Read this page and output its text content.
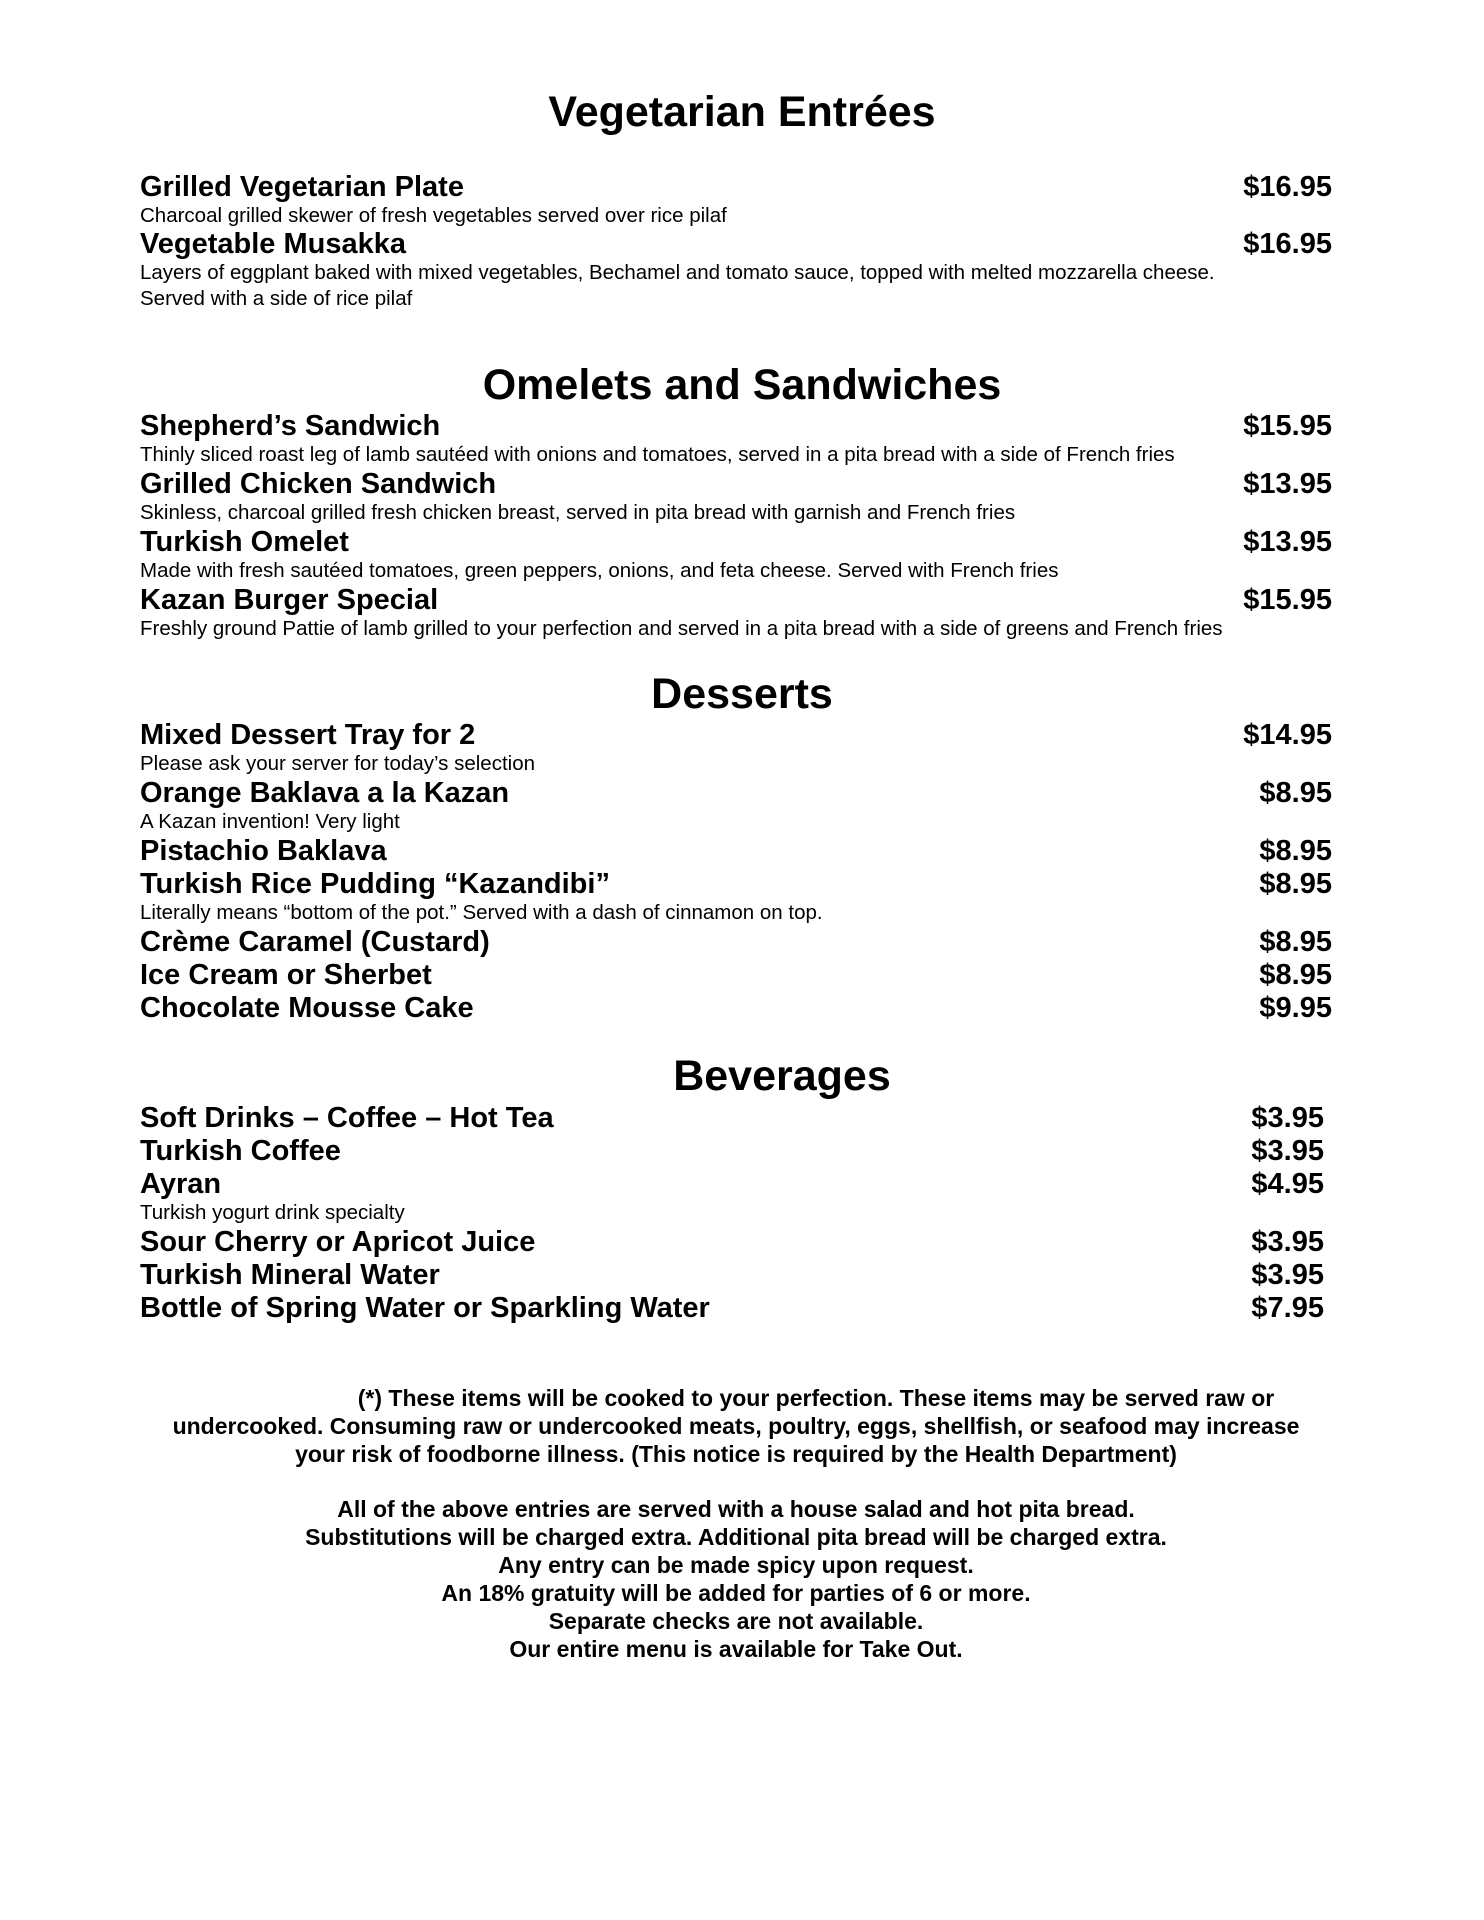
Vegetarian Entrées
Grilled Vegetarian Plate	$16.95
Charcoal grilled skewer of fresh vegetables served over rice pilaf
Vegetable Musakka	$16.95
Layers of eggplant baked with mixed vegetables, Bechamel and tomato sauce, topped with melted mozzarella cheese.
Served with a side of rice pilaf
Omelets and Sandwiches
Shepherd’s Sandwich	$15.95
Thinly sliced roast leg of lamb sautéed with onions and tomatoes, served in a pita bread with a side of French fries
Grilled Chicken Sandwich	$13.95
Skinless, charcoal grilled fresh chicken breast, served in pita bread with garnish and French fries
Turkish Omelet	$13.95
Made with fresh sautéed tomatoes, green peppers, onions, and feta cheese. Served with French fries
Kazan Burger Special	$15.95
Freshly ground Pattie of lamb grilled to your perfection and served in a pita bread with a side of greens and French fries
Desserts
Mixed Dessert Tray for 2	$14.95
Please ask your server for today’s selection
Orange Baklava a la Kazan	$8.95
A Kazan invention! Very light
Pistachio Baklava	$8.95
Turkish Rice Pudding “Kazandibi”	$8.95
Literally means “bottom of the pot.” Served with a dash of cinnamon on top.
Crème Caramel (Custard)	$8.95
Ice Cream or Sherbet	$8.95
Chocolate Mousse Cake	$9.95
Beverages
Soft Drinks – Coffee – Hot Tea	$3.95
Turkish Coffee	$3.95
Ayran	$4.95
Turkish yogurt drink specialty
Sour Cherry or Apricot Juice	$3.95
Turkish Mineral Water	$3.95
Bottle of Spring Water or Sparkling Water	$7.95
(*) These items will be cooked to your perfection. These items may be served raw or
undercooked. Consuming raw or undercooked meats, poultry, eggs, shellfish, or seafood may increase
your risk of foodborne illness. (This notice is required by the Health Department)
All of the above entries are served with a house salad and hot pita bread.
Substitutions will be charged extra. Additional pita bread will be charged extra.
Any entry can be made spicy upon request.
An 18% gratuity will be added for parties of 6 or more.
Separate checks are not available.
Our entire menu is available for Take Out.
